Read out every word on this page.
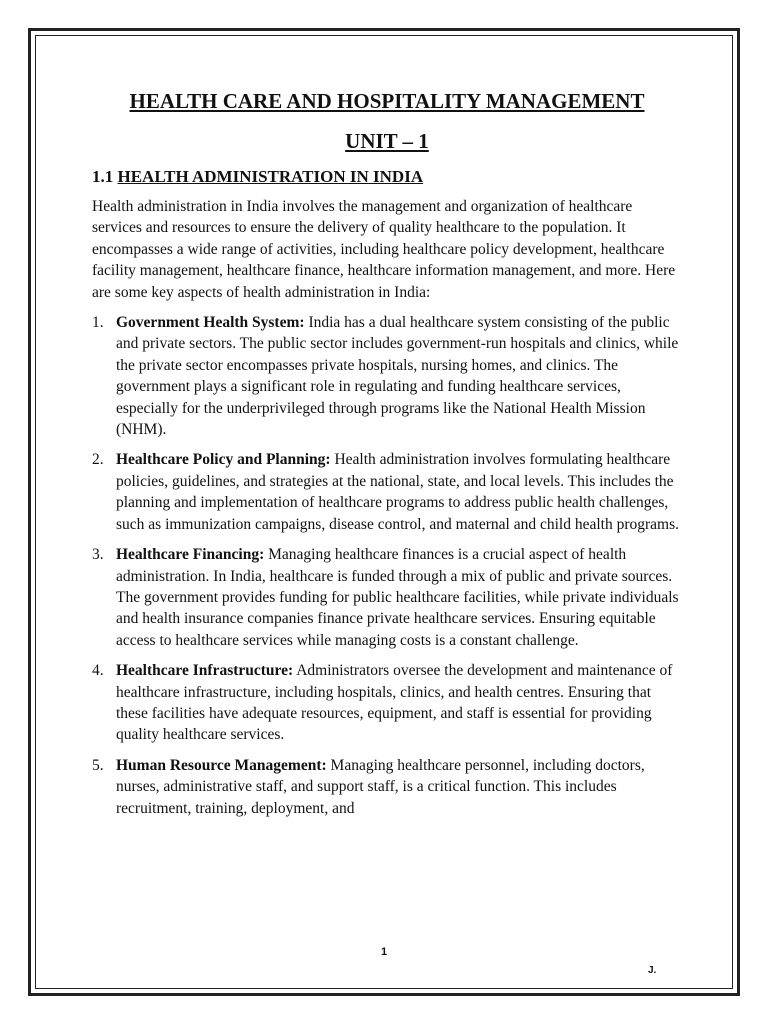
HEALTH CARE AND HOSPITALITY MANAGEMENT
UNIT – 1
1.1 HEALTH ADMINISTRATION IN INDIA

Health administration in India involves the management and organization of healthcare services and resources to ensure the delivery of quality healthcare to the population. It encompasses a wide range of activities, including healthcare policy development, healthcare facility management, healthcare finance, healthcare information management, and more. Here are some key aspects of health administration in India:

1. Government Health System: India has a dual healthcare system consisting of the public and private sectors. The public sector includes government-run hospitals and clinics, while the private sector encompasses private hospitals, nursing homes, and clinics. The government plays a significant role in regulating and funding healthcare services, especially for the underprivileged through programs like the National Health Mission (NHM).
2. Healthcare Policy and Planning: Health administration involves formulating healthcare policies, guidelines, and strategies at the national, state, and local levels. This includes the planning and implementation of healthcare programs to address public health challenges, such as immunization campaigns, disease control, and maternal and child health programs.
3. Healthcare Financing: Managing healthcare finances is a crucial aspect of health administration. In India, healthcare is funded through a mix of public and private sources. The government provides funding for public healthcare facilities, while private individuals and health insurance companies finance private healthcare services. Ensuring equitable access to healthcare services while managing costs is a constant challenge.
4. Healthcare Infrastructure: Administrators oversee the development and maintenance of healthcare infrastructure, including hospitals, clinics, and health centres. Ensuring that these facilities have adequate resources, equipment, and staff is essential for providing quality healthcare services.
5. Human Resource Management: Managing healthcare personnel, including doctors, nurses, administrative staff, and support staff, is a critical function. This includes recruitment, training, deployment, and
1
J.
